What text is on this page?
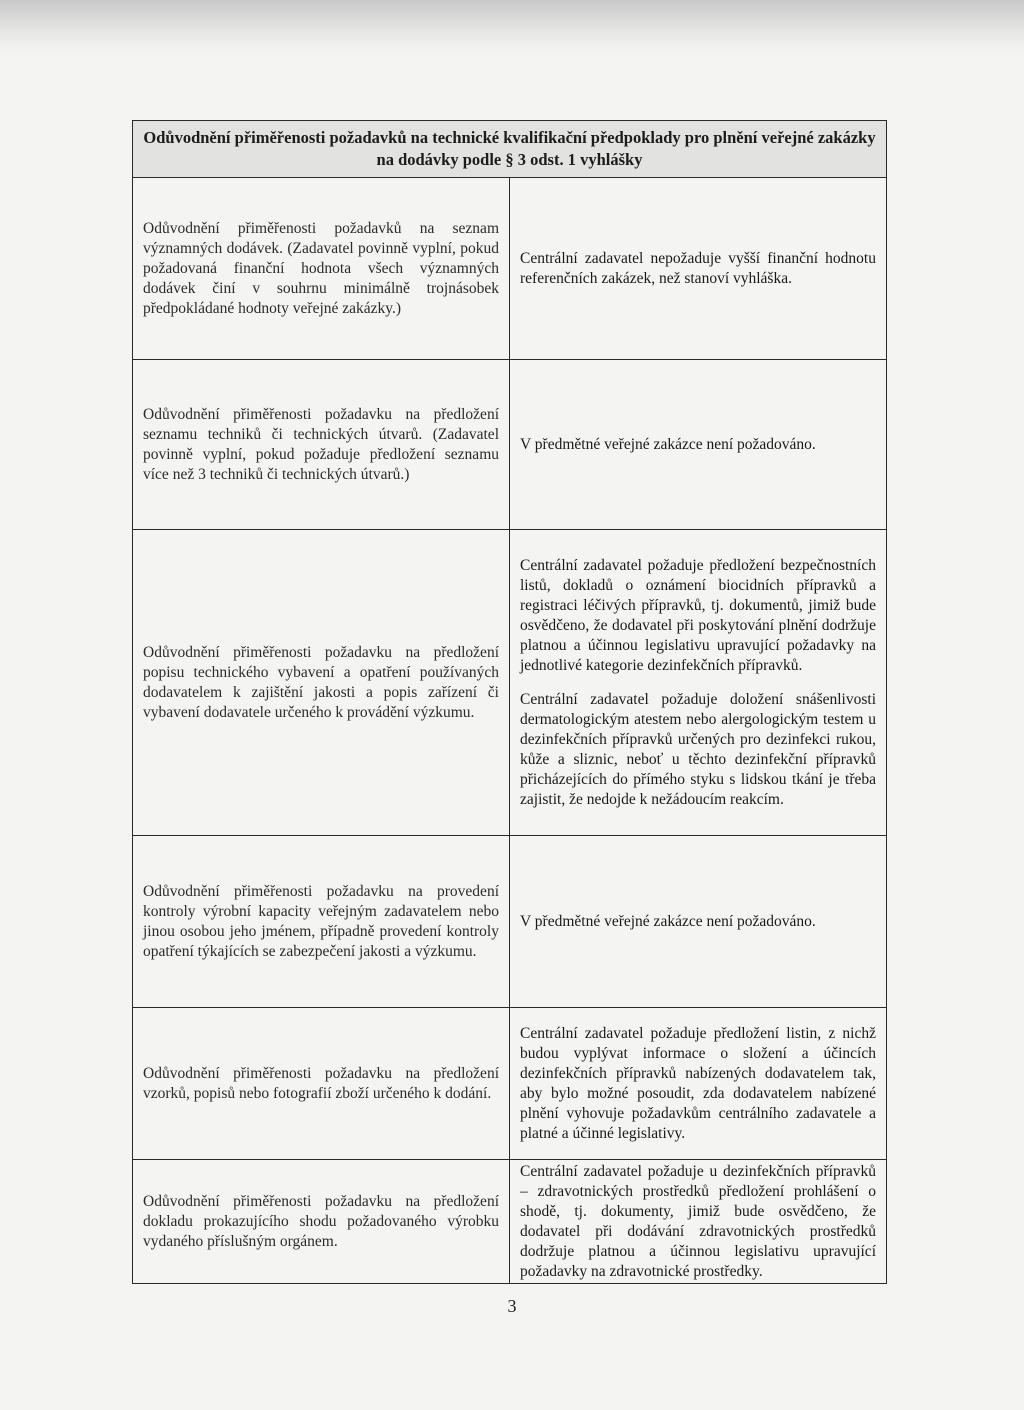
Odůvodnění přiměřenosti požadavků na technické kvalifikační předpoklady pro plnění veřejné zakázky na dodávky podle § 3 odst. 1 vyhlášky	
Odůvodnění přiměřenosti požadavků na seznam významných dodávek. (Zadavatel povinně vyplní, pokud požadovaná finanční hodnota všech významných dodávek činí v souhrnu minimálně trojnásobek předpokládané hodnoty veřejné zakázky.)	Centrální zadavatel nepožaduje vyšší finanční hodnotu referenčních zakázek, než stanoví vyhláška.

Odůvodnění přiměřenosti požadavku na předložení seznamu techniků či technických útvarů. (Zadavatel povinně vyplní, pokud požaduje předložení seznamu více než 3 techniků či technických útvarů.)	V předmětné veřejné zakázce není požadováno.

Odůvodnění přiměřenosti požadavku na předložení popisu technického vybavení a opatření používaných dodavatelem k zajištění jakosti a popis zařízení či vybavení dodavatele určeného k provádění výzkumu.	Centrální zadavatel požaduje předložení bezpečnostních listů, dokladů o oznámení biocidních přípravků a registraci léčivých přípravků, tj. dokumentů, jimiž bude osvědčeno, že dodavatel při poskytování plnění dodržuje platnou a účinnou legislativu upravující požadavky na jednotlivé kategorie dezinfekčních přípravků.

Centrální zadavatel požaduje doložení snášenlivosti dermatologickým atestem nebo alergologickým testem u dezinfekčních přípravků určených pro dezinfekci rukou, kůže a sliznic, neboť u těchto dezinfekční přípravků přicházejících do přímého styku s lidskou tkání je třeba zajistit, že nedojde k nežádoucím reakcím.

Odůvodnění přiměřenosti požadavku na provedení kontroly výrobní kapacity veřejným zadavatelem nebo jinou osobou jeho jménem, případně provedení kontroly opatření týkajících se zabezpečení jakosti a výzkumu.	V předmětné veřejné zakázce není požadováno.

Odůvodnění přiměřenosti požadavku na předložení vzorků, popisů nebo fotografií zboží určeného k dodání.	Centrální zadavatel požaduje předložení listin, z nichž budou vyplývat informace o složení a účincích dezinfekčních přípravků nabízených dodavatelem tak, aby bylo možné posoudit, zda dodavatelem nabízené plnění vyhovuje požadavkům centrálního zadavatele a platné a účinné legislativy.

Odůvodnění přiměřenosti požadavku na předložení dokladu prokazujícího shodu požadovaného výrobku vydaného příslušným orgánem.	Centrální zadavatel požaduje u dezinfekčních přípravků – zdravotnických prostředků předložení prohlášení o shodě, tj. dokumenty, jimiž bude osvědčeno, že dodavatel při dodávání zdravotnických prostředků dodržuje platnou a účinnou legislativu upravující požadavky na zdravotnické prostředky.

3
